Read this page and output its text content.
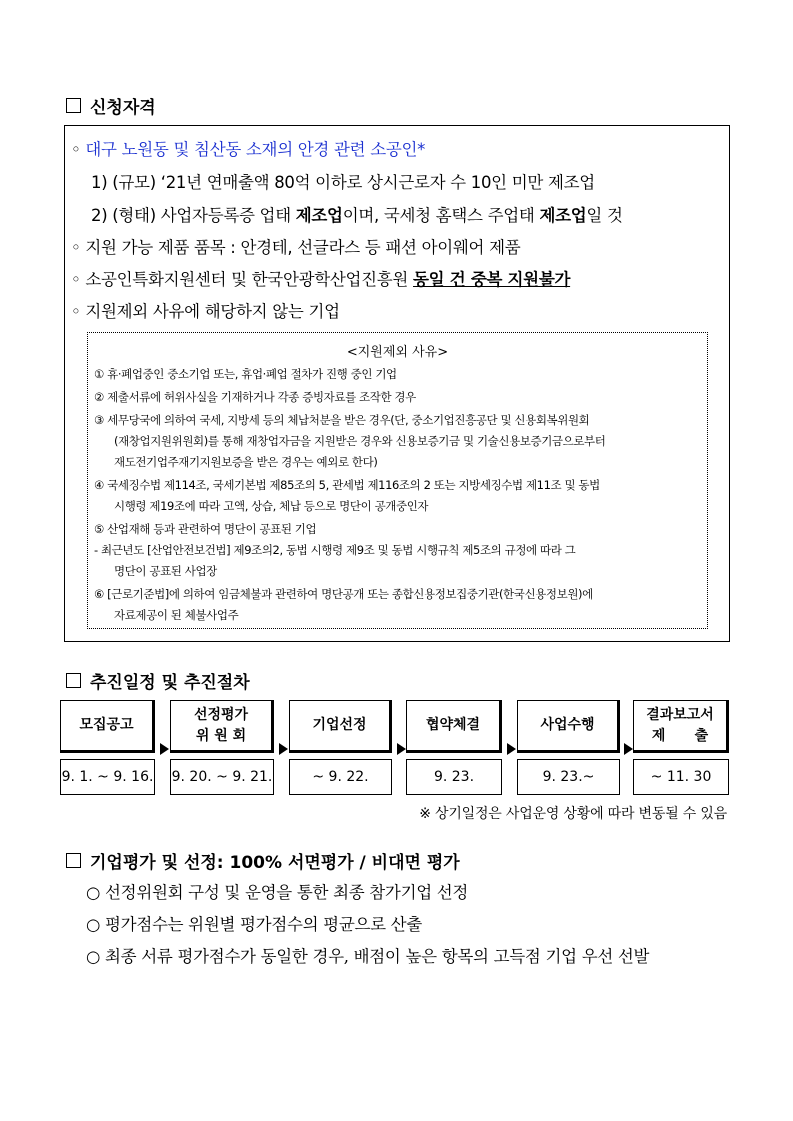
신청자격
◦ 대구 노원동 및 침산동 소재의 안경 관련 소공인*
1) (규모) ‘21년 연매출액 80억 이하로 상시근로자 수 10인 미만 제조업
2) (형태) 사업자등록증 업태 제조업이며, 국세청 홈택스 주업태 제조업일 것
◦ 지원 가능 제품 품목 : 안경테, 선글라스 등 패션 아이웨어 제품
◦ 소공인특화지원센터 및 한국안광학산업진흥원 동일 건 중복 지원불가
◦ 지원제외 사유에 해당하지 않는 기업
<지원제외 사유>
① 휴·폐업중인 중소기업 또는, 휴업·폐업 절차가 진행 중인 기업
② 제출서류에 허위사실을 기재하거나 각종 증빙자료를 조작한 경우
③ 세무당국에 의하여 국세, 지방세 등의 체납처분을 받은 경우(단, 중소기업진흥공단 및 신용회복위원회
(재창업지원위원회)를 통해 재창업자금을 지원받은 경우와 신용보증기금 및 기술신용보증기금으로부터
재도전기업주재기지원보증을 받은 경우는 예외로 한다)
④ 국세징수법 제114조, 국세기본법 제85조의 5, 관세법 제116조의 2 또는 지방세징수법 제11조 및 동법
시행령 제19조에 따라 고액, 상습, 체납 등으로 명단이 공개중인자
⑤ 산업재해 등과 관련하여 명단이 공표된 기업
- 최근년도 [산업안전보건법] 제9조의2, 동법 시행령 제9조 및 동법 시행규칙 제5조의 규정에 따라 그
명단이 공표된 사업장
⑥ [근로기준법]에 의하여 임금체불과 관련하여 명단공개 또는 종합신용정보집중기관(한국신용정보원)에
자료제공이 된 체불사업주
추진일정 및 추진절차
모집공고
9. 1. ~ 9. 16.
선정평가
위 원 회
9. 20. ~ 9. 21.
기업선정
~ 9. 22.
협약체결
9. 23.
사업수행
9. 23.~
결과보고서
제      출
~ 11. 30
※ 상기일정은 사업운영 상황에 따라 변동될 수 있음
기업평가 및 선정: 100% 서면평가 / 비대면 평가
○ 선정위원회 구성 및 운영을 통한 최종 참가기업 선정
○ 평가점수는 위원별 평가점수의 평균으로 산출
○ 최종 서류 평가점수가 동일한 경우, 배점이 높은 항목의 고득점 기업 우선 선발
